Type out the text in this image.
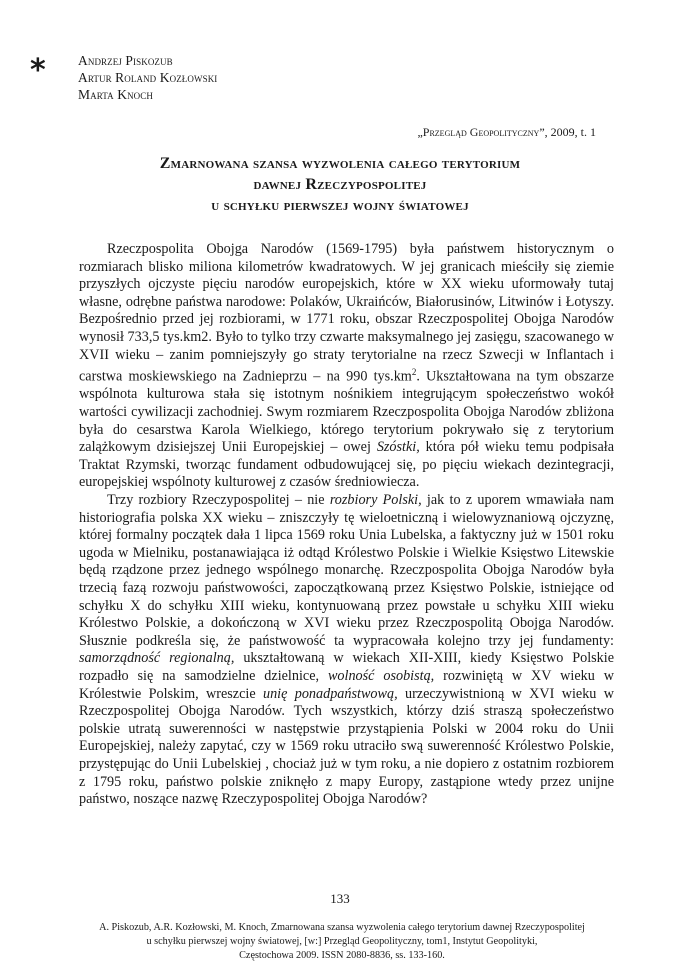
* Andrzej Piskozub
Artur Roland Kozłowski
Marta Knoch
„Przegląd Geopolityczny”, 2009, t. 1
Zmarnowana szansa wyzwolenia całego terytorium
dawnej Rzeczypospolitej
u schyłku pierwszej wojny światowej

Rzeczpospolita Obojga Narodów (1569-1795) była państwem historycznym o rozmiarach blisko miliona kilometrów kwadratowych. W jej granicach mieściły się ziemie przyszłych ojczyste pięciu narodów europejskich, które w XX wieku uformowały tutaj własne, odrębne państwa narodowe: Polaków, Ukraińców, Białorusinów, Litwinów i Łotyszy. Bezpośrednio przed jej rozbiorami, w 1771 roku, obszar Rzeczpospolitej Obojga Narodów wynosił 733,5 tys.km2. Było to tylko trzy czwarte maksymalnego jej zasięgu, szacowanego w XVII wieku – zanim pomniejszyły go straty terytorialne na rzecz Szwecji w Inflantach i carstwa moskiewskiego na Zadnieprzu – na 990 $tys.km^2$. Ukształtowana na tym obszarze wspólnota kulturowa stała się istotnym nośnikiem integrującym społeczeństwo wokół wartości cywilizacji zachodniej. Swym rozmiarem Rzeczpospolita Obojga Narodów zbliżona była do cesarstwa Karola Wielkiego, którego terytorium pokrywało się z terytorium zalążkowym dzisiejszej Unii Europejskiej – owej Szóstki, która pół wieku temu podpisała Traktat Rzymski, tworząc fundament odbudowującej się, po pięciu wiekach dezintegracji, europejskiej wspólnoty kulturowej z czasów średniowiecza.

Trzy rozbiory Rzeczypospolitej – nie rozbiory Polski, jak to z uporem wmawiała nam historiografia polska XX wieku – zniszczyły tę wieloetniczną i wielowyznaniową ojczyznę, której formalny początek dała 1 lipca 1569 roku Unia Lubelska, a faktyczny już w 1501 roku ugoda w Mielniku, postanawiająca iż odtąd Królestwo Polskie i Wielkie Księstwo Litewskie będą rządzone przez jednego wspólnego monarchę. Rzeczpospolita Obojga Narodów była trzecią fazą rozwoju państwowości, zapoczątkowaną przez Księstwo Polskie, istniejące od schyłku X do schyłku XIII wieku, kontynuowaną przez powstałe u schyłku XIII wieku Królestwo Polskie, a dokończoną w XVI wieku przez Rzeczpospolitą Obojga Narodów. Słusznie podkreśla się, że państwowość ta wypracowała kolejno trzy jej fundamenty: samorządność regionalną, ukształtowaną w wiekach XII-XIII, kiedy Księstwo Polskie rozpadło się na samodzielne dzielnice, wolność osobistą, rozwiniętą w XV wieku w Królestwie Polskim, wreszcie unię ponadpaństwową, urzeczywistnioną w XVI wieku w Rzeczpospolitej Obojga Narodów. Tych wszystkich, którzy dziś straszą społeczeństwo polskie utratą suwerenności w następstwie przystąpienia Polski w 2004 roku do Unii Europejskiej, należy zapytać, czy w 1569 roku utraciło swą suwerenność Królestwo Polskie, przystępując do Unii Lubelskiej , chociaż już w tym roku, a nie dopiero z ostatnim rozbiorem z 1795 roku, państwo polskie zniknęło z mapy Europy, zastąpione wtedy przez unijne państwo, noszące nazwę Rzeczypospolitej Obojga Narodów?

133
A. Piskozub, A.R. Kozłowski, M. Knoch, Zmarnowana szansa wyzwolenia całego terytorium dawnej Rzeczypospolitej
u schyłku pierwszej wojny światowej, [w:] Przegląd Geopolityczny, tom1, Instytut Geopolityki,
Częstochowa 2009. ISSN 2080-8836, ss. 133-160.
